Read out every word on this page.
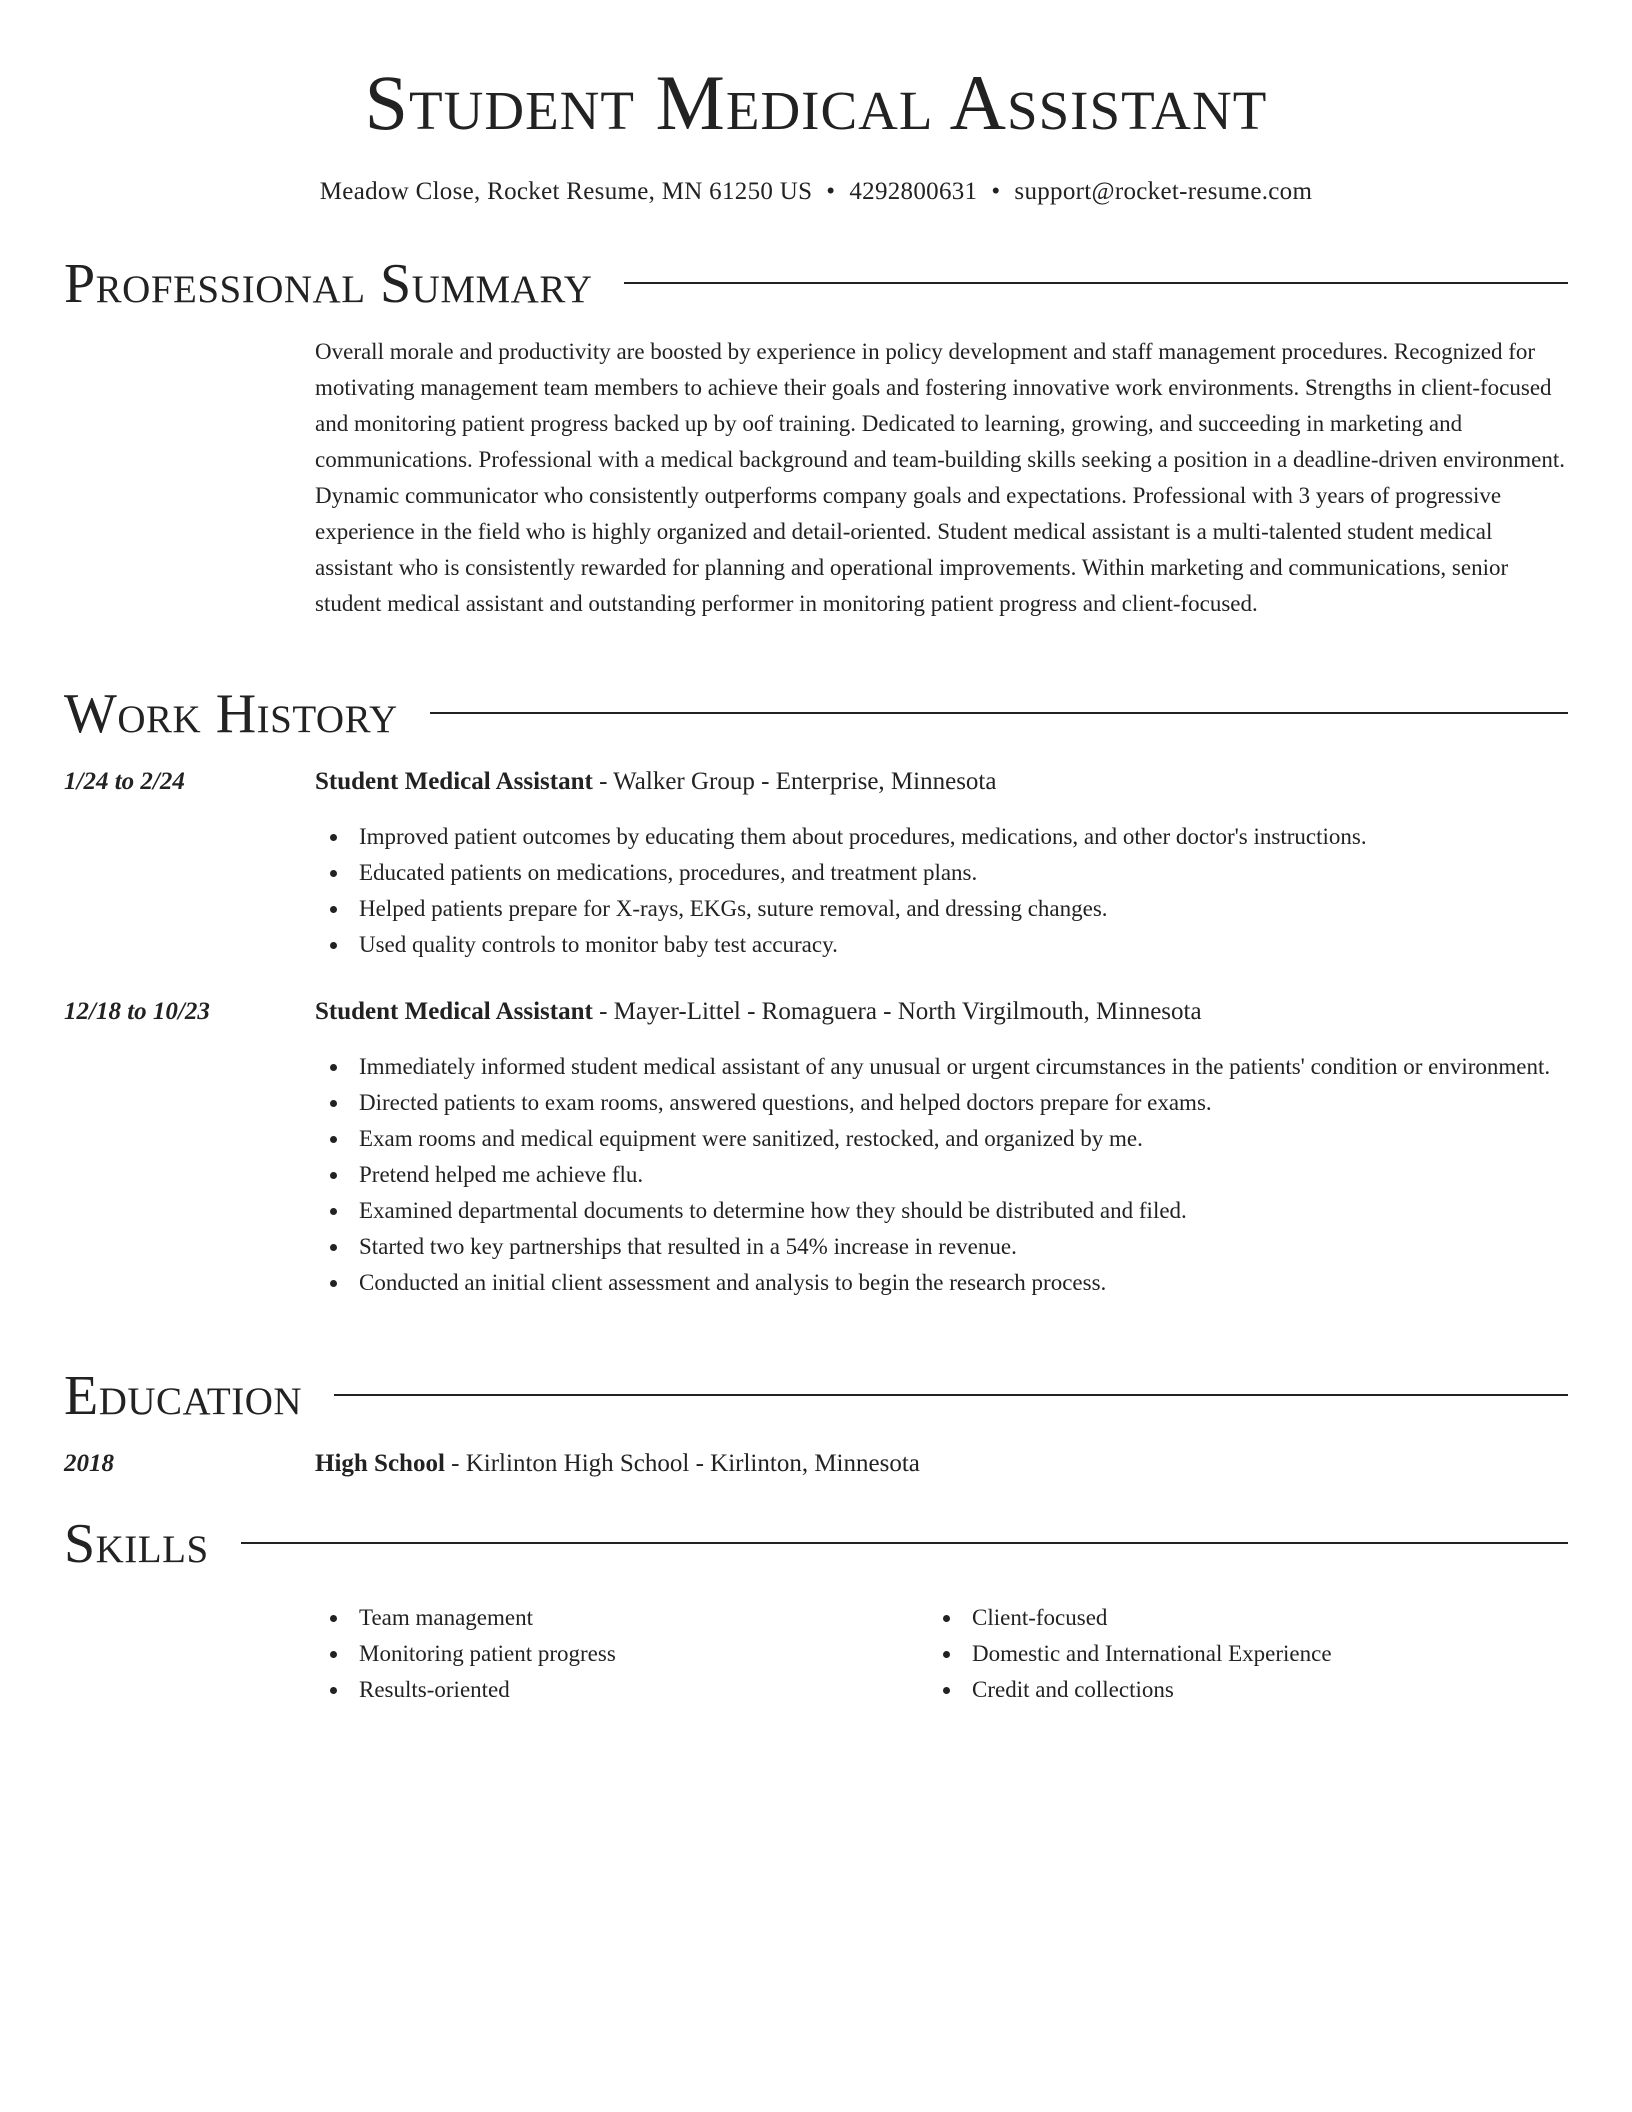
Student Medical Assistant
Meadow Close, Rocket Resume, MN 61250 US • 4292800631 • support@rocket-resume.com
Professional Summary

Overall morale and productivity are boosted by experience in policy development and staff management procedures. Recognized for motivating management team members to achieve their goals and fostering innovative work environments. Strengths in client-focused and monitoring patient progress backed up by oof training. Dedicated to learning, growing, and succeeding in marketing and communications. Professional with a medical background and team-building skills seeking a position in a deadline-driven environment. Dynamic communicator who consistently outperforms company goals and expectations. Professional with 3 years of progressive experience in the field who is highly organized and detail-oriented. Student medical assistant is a multi-talented student medical assistant who is consistently rewarded for planning and operational improvements. Within marketing and communications, senior student medical assistant and outstanding performer in monitoring patient progress and client-focused.

Work History
1/24 to 2/24	Student Medical Assistant - Walker Group - Enterprise, Minnesota
Improved patient outcomes by educating them about procedures, medications, and other doctor's instructions.
Educated patients on medications, procedures, and treatment plans.
Helped patients prepare for X-rays, EKGs, suture removal, and dressing changes.
Used quality controls to monitor baby test accuracy.
12/18 to 10/23	Student Medical Assistant - Mayer-Littel - Romaguera - North Virgilmouth, Minnesota
Immediately informed student medical assistant of any unusual or urgent circumstances in the patients' condition or environment.
Directed patients to exam rooms, answered questions, and helped doctors prepare for exams.
Exam rooms and medical equipment were sanitized, restocked, and organized by me.
Pretend helped me achieve flu.
Examined departmental documents to determine how they should be distributed and filed.
Started two key partnerships that resulted in a 54% increase in revenue.
Conducted an initial client assessment and analysis to begin the research process.
Education
2018	High School - Kirlinton High School - Kirlinton, Minnesota
Skills
Team management
Monitoring patient progress
Results-oriented
Client-focused
Domestic and International Experience
Credit and collections
